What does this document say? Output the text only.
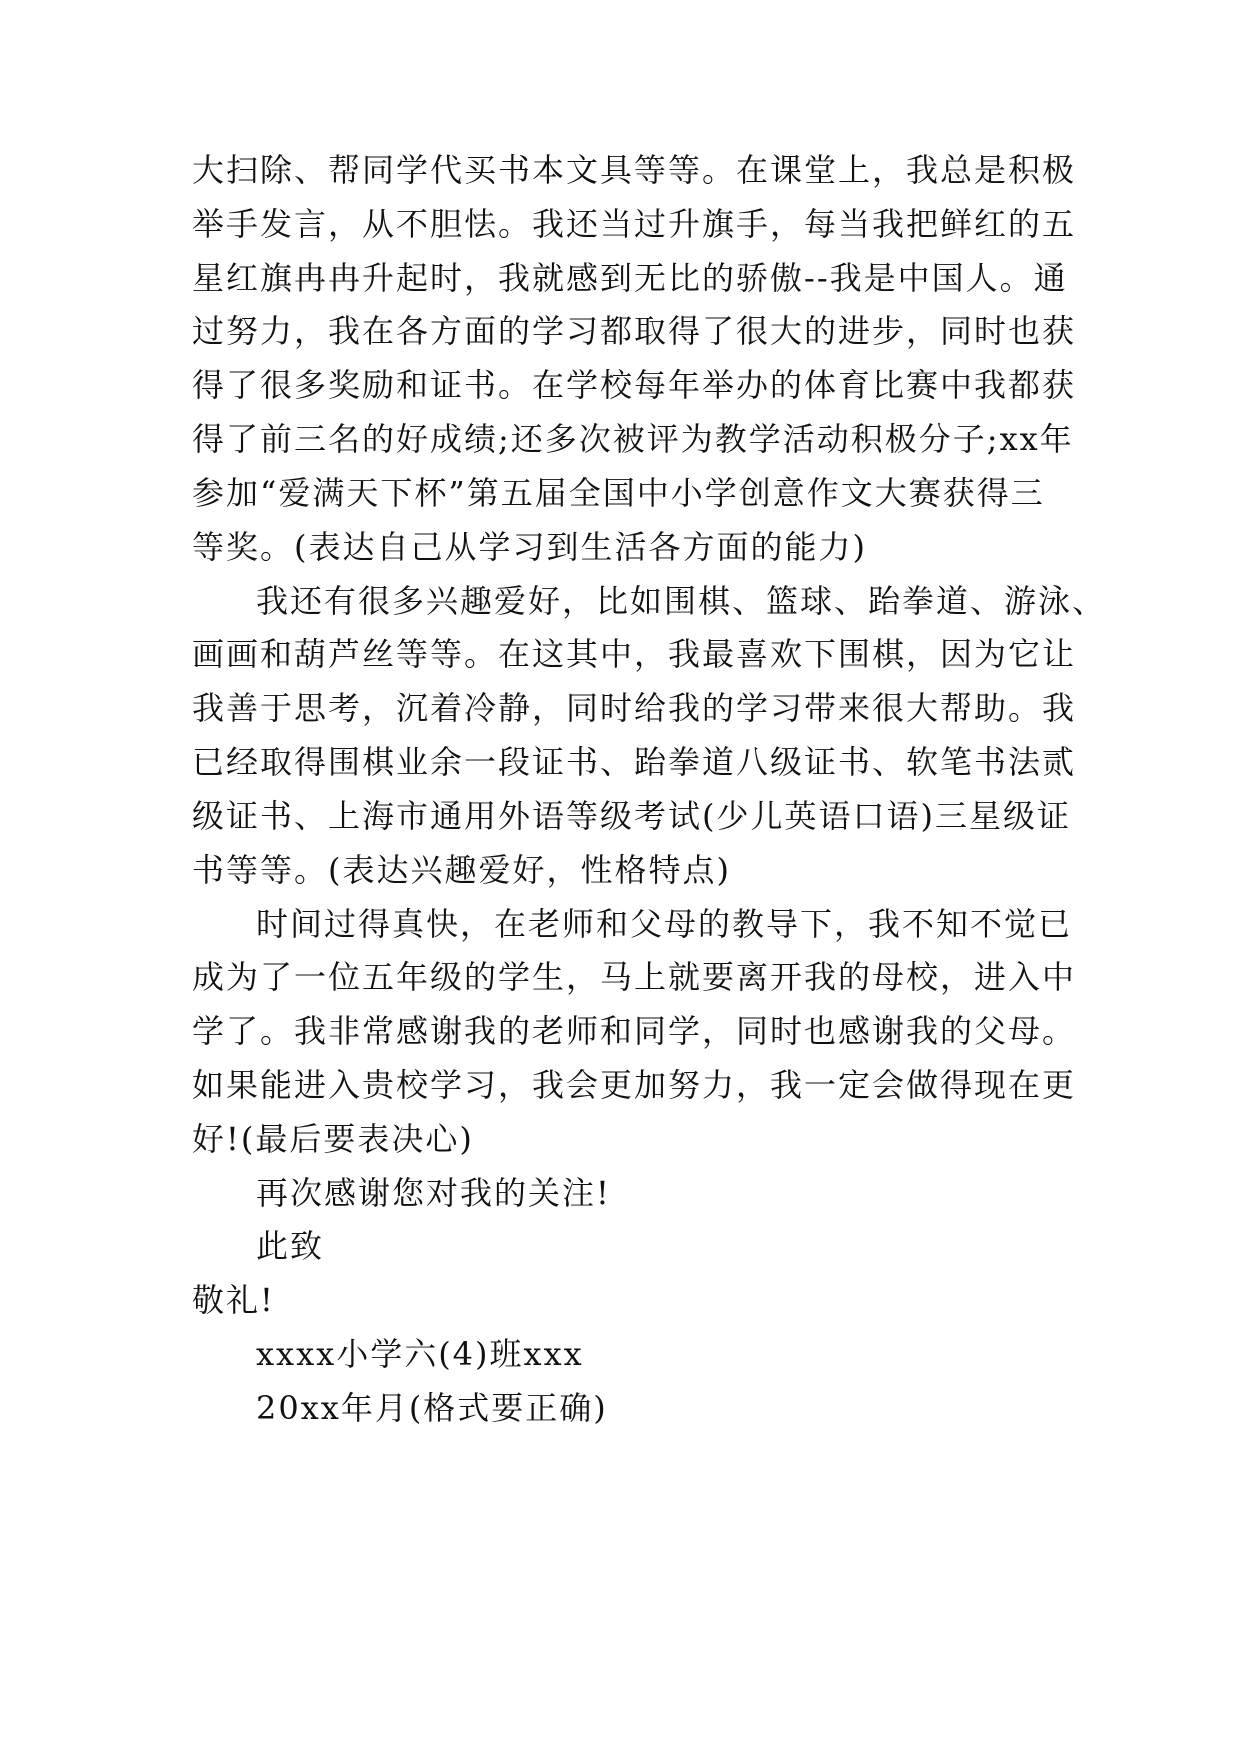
大扫除、帮同学代买书本文具等等。在课堂上，我总是积极
举手发言，从不胆怯。我还当过升旗手，每当我把鲜红的五
星红旗冉冉升起时，我就感到无比的骄傲--我是中国人。通
过努力，我在各方面的学习都取得了很大的进步，同时也获
得了很多奖励和证书。在学校每年举办的体育比赛中我都获
得了前三名的好成绩;还多次被评为教学活动积极分子;xx年
参加“爱满天下杯”第五届全国中小学创意作文大赛获得三
等奖。(表达自己从学习到生活各方面的能力)
我还有很多兴趣爱好，比如围棋、篮球、跆拳道、游泳、
画画和葫芦丝等等。在这其中，我最喜欢下围棋，因为它让
我善于思考，沉着冷静，同时给我的学习带来很大帮助。我
已经取得围棋业余一段证书、跆拳道八级证书、软笔书法贰
级证书、上海市通用外语等级考试(少儿英语口语)三星级证
书等等。(表达兴趣爱好，性格特点)
时间过得真快，在老师和父母的教导下，我不知不觉已
成为了一位五年级的学生，马上就要离开我的母校，进入中
学了。我非常感谢我的老师和同学，同时也感谢我的父母。
如果能进入贵校学习，我会更加努力，我一定会做得现在更
好!(最后要表决心)
再次感谢您对我的关注!
此致
敬礼!
xxxx小学六(4)班xxx
20xx年月(格式要正确)
